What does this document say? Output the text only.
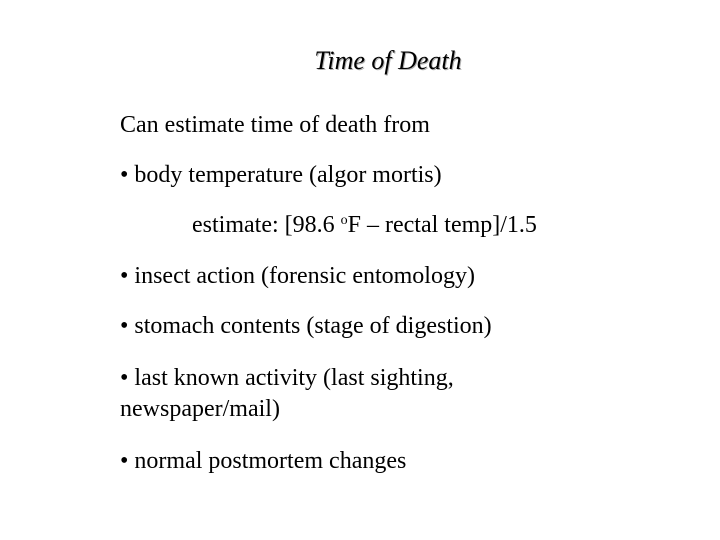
Time of Death
Can estimate time of death from
• body temperature (algor mortis)
estimate: [98.6 $^o$F – rectal temp]/1.5
• insect action (forensic entomology)
• stomach contents (stage of digestion)
• last known activity (last sighting,
newspaper/mail)
• normal postmortem changes
